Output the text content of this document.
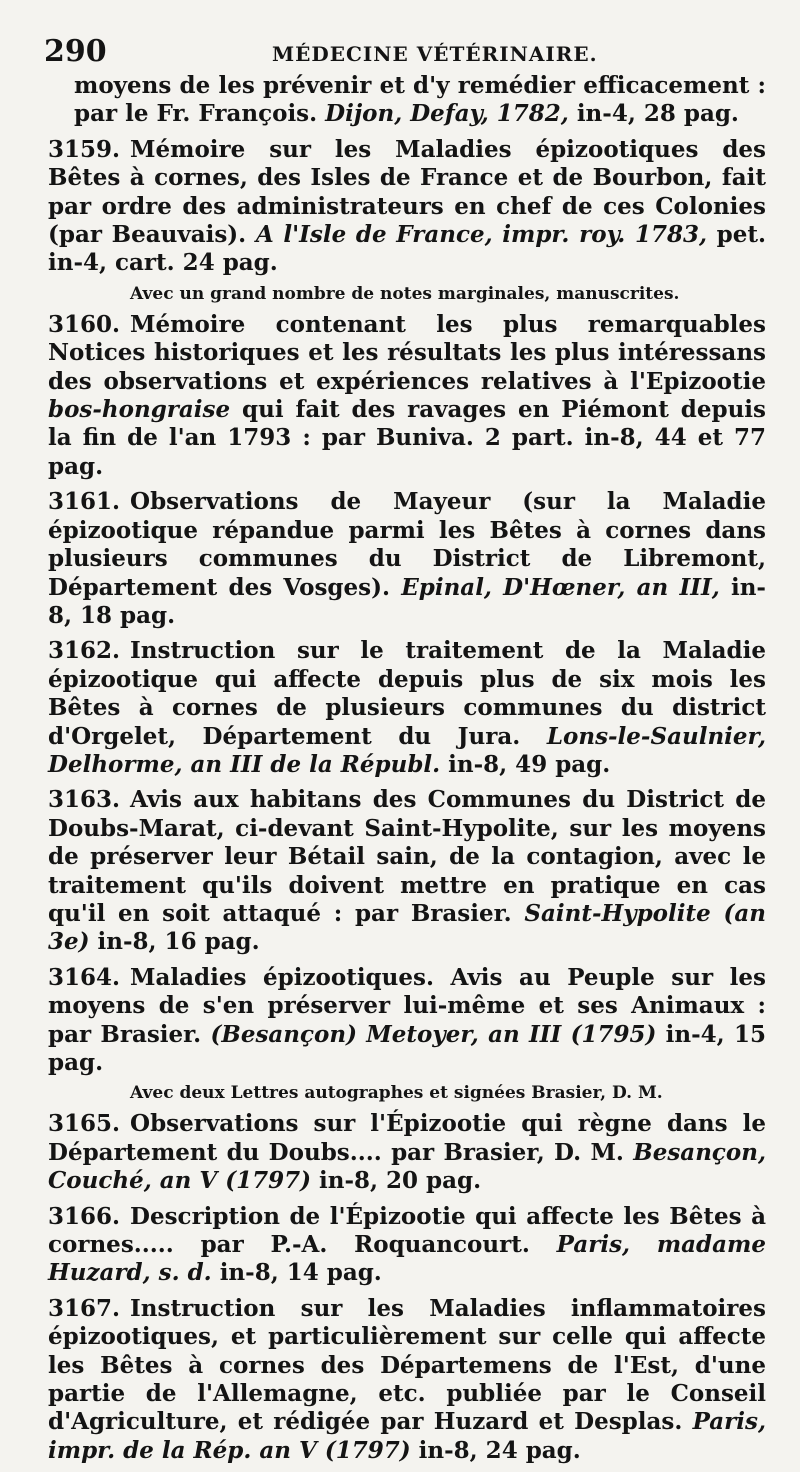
290	MÉDECINE VÉTÉRINAIRE.

moyens de les prévenir et d'y remédier efficacement : par le Fr. François. Dijon, Defay, 1782, in-4, 28 pag.

3159. Mémoire sur les Maladies épizootiques des Bêtes à cornes, des Isles de France et de Bourbon, fait par ordre des administrateurs en chef de ces Colonies (par Beauvais). A l'Isle de France, impr. roy. 1783, pet. in-4, cart. 24 pag.

Avec un grand nombre de notes marginales, manuscrites.

3160. Mémoire contenant les plus remarquables Notices historiques et les résultats les plus intéressans des observations et expériences relatives à l'Epizootie bos-hongraise qui fait des ravages en Piémont depuis la fin de l'an 1793 : par Buniva. 2 part. in-8, 44 et 77 pag.

3161. Observations de Mayeur (sur la Maladie épizootique répandue parmi les Bêtes à cornes dans plusieurs communes du District de Libremont, Département des Vosges). Epinal, D'Hœner, an III, in-8, 18 pag.

3162. Instruction sur le traitement de la Maladie épizootique qui affecte depuis plus de six mois les Bêtes à cornes de plusieurs communes du district d'Orgelet, Département du Jura. Lons-le-Saulnier, Delhorme, an III de la Républ. in-8, 49 pag.

3163. Avis aux habitans des Communes du District de Doubs-Marat, ci-devant Saint-Hypolite, sur les moyens de préserver leur Bétail sain, de la contagion, avec le traitement qu'ils doivent mettre en pratique en cas qu'il en soit attaqué : par Brasier. Saint-Hypolite (an 3e) in-8, 16 pag.

3164. Maladies épizootiques. Avis au Peuple sur les moyens de s'en préserver lui-même et ses Animaux : par Brasier. (Besançon) Metoyer, an III (1795) in-4, 15 pag.

Avec deux Lettres autographes et signées Brasier, D. M.

3165. Observations sur l'Épizootie qui règne dans le Département du Doubs.... par Brasier, D. M. Besançon, Couché, an V (1797) in-8, 20 pag.

3166. Description de l'Épizootie qui affecte les Bêtes à cornes..... par P.-A. Roquancourt. Paris, madame Huzard, s. d. in-8, 14 pag.

3167. Instruction sur les Maladies inflammatoires épizootiques, et particulièrement sur celle qui affecte les Bêtes à cornes des Départemens de l'Est, d'une partie de l'Allemagne, etc. publiée par le Conseil d'Agriculture, et rédigée par Huzard et Desplas. Paris, impr. de la Rép. an V (1797) in-8, 24 pag.
